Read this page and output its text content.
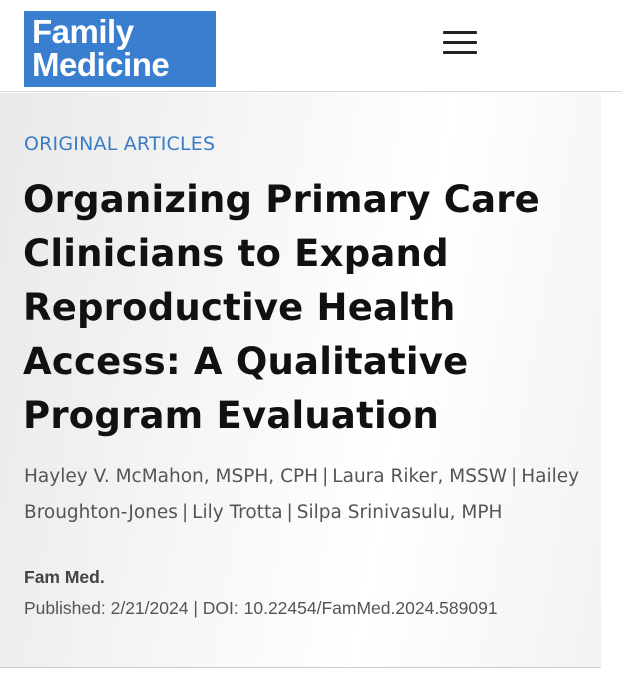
Family
Medicine
ORIGINAL ARTICLES
Organizing Primary Care Clinicians to Expand Reproductive Health Access: A Qualitative Program Evaluation
Hayley V. McMahon, MSPH, CPH | Laura Riker, MSSW | Hailey Broughton-Jones | Lily Trotta | Silpa Srinivasulu, MPH
Fam Med.
Published: 2/21/2024 | DOI: 10.22454/FamMed.2024.589091
